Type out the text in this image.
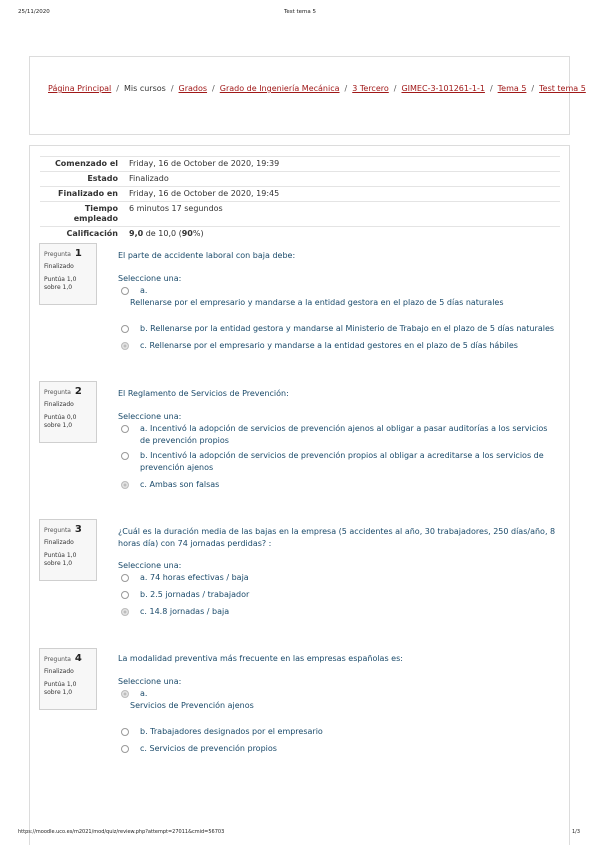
25/11/2020	Test tema 5
Página Principal / Mis cursos / Grados / Grado de Ingeniería Mecánica / 3 Tercero / GIMEC-3-101261-1-1 / Tema 5 / Test tema 5
Comenzado el	Friday, 16 de October de 2020, 19:39
Estado	Finalizado
Finalizado en	Friday, 16 de October de 2020, 19:45
Tiempo
empleado	6 minutos 17 segundos
Calificación	9,0 de 10,0 (90%)
Pregunta 1
Finalizado
Puntúa 1,0
sobre 1,0
El parte de accidente laboral con baja debe:
Seleccione una:
a.
Rellenarse por el empresario y mandarse a la entidad gestora en el plazo de 5 días naturales
b. Rellenarse por la entidad gestora y mandarse al Ministerio de Trabajo en el plazo de 5 días naturales
c. Rellenarse por el empresario y mandarse a la entidad gestores en el plazo de 5 días hábiles
Pregunta 2
Finalizado
Puntúa 0,0
sobre 1,0
El Reglamento de Servicios de Prevención:
Seleccione una:
a. Incentivó la adopción de servicios de prevención ajenos al obligar a pasar auditorías a los servicios de prevención propios
b. Incentivó la adopción de servicios de prevención propios al obligar a acreditarse a los servicios de prevención ajenos
c. Ambas son falsas
Pregunta 3
Finalizado
Puntúa 1,0
sobre 1,0
¿Cuál es la duración media de las bajas en la empresa (5 accidentes al año, 30 trabajadores, 250 días/año, 8 horas día) con 74 jornadas perdidas? :
Seleccione una:
a. 74 horas efectivas / baja
b. 2.5 jornadas / trabajador
c. 14.8 jornadas / baja
Pregunta 4
Finalizado
Puntúa 1,0
sobre 1,0
La modalidad preventiva más frecuente en las empresas españolas es:
Seleccione una:
a.
Servicios de Prevención ajenos
b. Trabajadores designados por el empresario
c. Servicios de prevención propios
https://moodle.uco.es/m2021/mod/quiz/review.php?attempt=27011&cmid=56703	1/3
